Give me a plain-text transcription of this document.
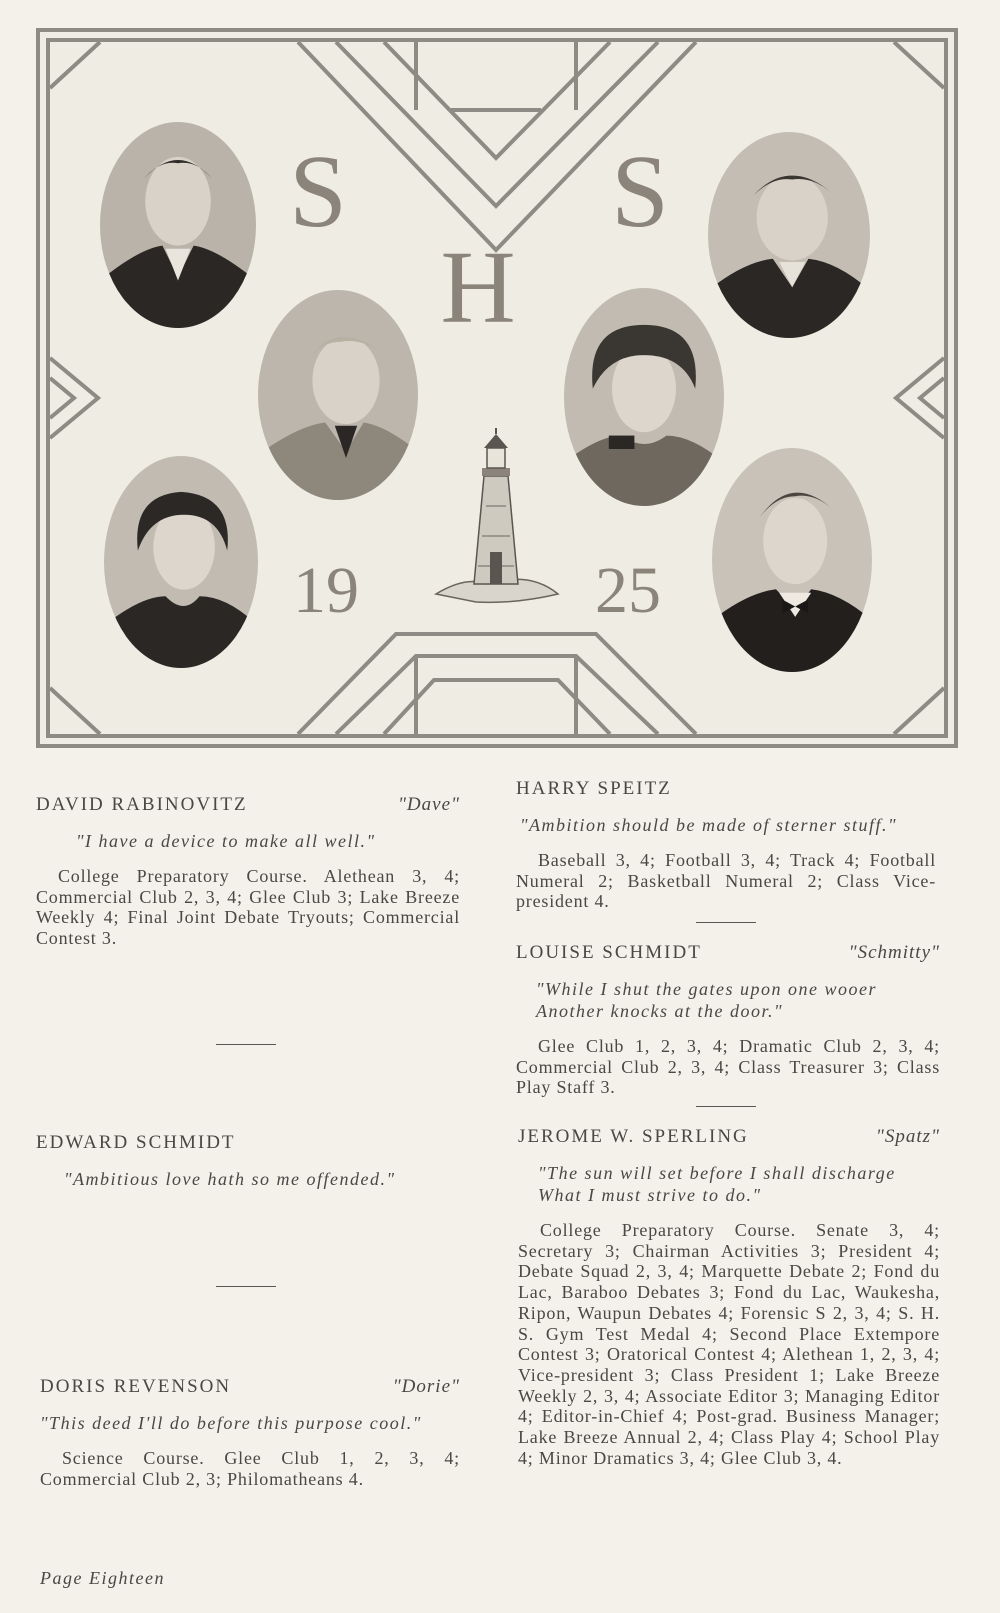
S	S
H
19	25
DAVID RABINOVITZ	"Dave"
"I have a device to make all well."
College Preparatory Course. Alethean 3, 4; Commercial Club 2, 3, 4; Glee Club 3; Lake Breeze Weekly 4; Final Joint Debate Tryouts; Commercial Contest 3.
EDWARD SCHMIDT
"Ambitious love hath so me offended."
DORIS REVENSON	"Dorie"
"This deed I'll do before this purpose cool."
Science Course. Glee Club 1, 2, 3, 4; Commercial Club 2, 3; Philomatheans 4.
HARRY SPEITZ
"Ambition should be made of sterner stuff."
Baseball 3, 4; Football 3, 4; Track 4; Football Numeral 2; Basketball Numeral 2; Class Vice-president 4.
LOUISE SCHMIDT	"Schmitty"
"While I shut the gates upon one wooer
Another knocks at the door."
Glee Club 1, 2, 3, 4; Dramatic Club 2, 3, 4; Commercial Club 2, 3, 4; Class Treasurer 3; Class Play Staff 3.
JEROME W. SPERLING	"Spatz"
"The sun will set before I shall discharge
What I must strive to do."
College Preparatory Course. Senate 3, 4; Secretary 3; Chairman Activities 3; President 4; Debate Squad 2, 3, 4; Marquette Debate 2; Fond du Lac, Baraboo Debates 3; Fond du Lac, Waukesha, Ripon, Waupun Debates 4; Forensic S 2, 3, 4; S. H. S. Gym Test Medal 4; Second Place Extempore Contest 3; Oratorical Contest 4; Alethean 1, 2, 3, 4; Vice-president 3; Class President 1; Lake Breeze Weekly 2, 3, 4; Associate Editor 3; Managing Editor 4; Editor-in-Chief 4; Post-grad. Business Manager; Lake Breeze Annual 2, 4; Class Play 4; School Play 4; Minor Dramatics 3, 4; Glee Club 3, 4.
Page Eighteen
